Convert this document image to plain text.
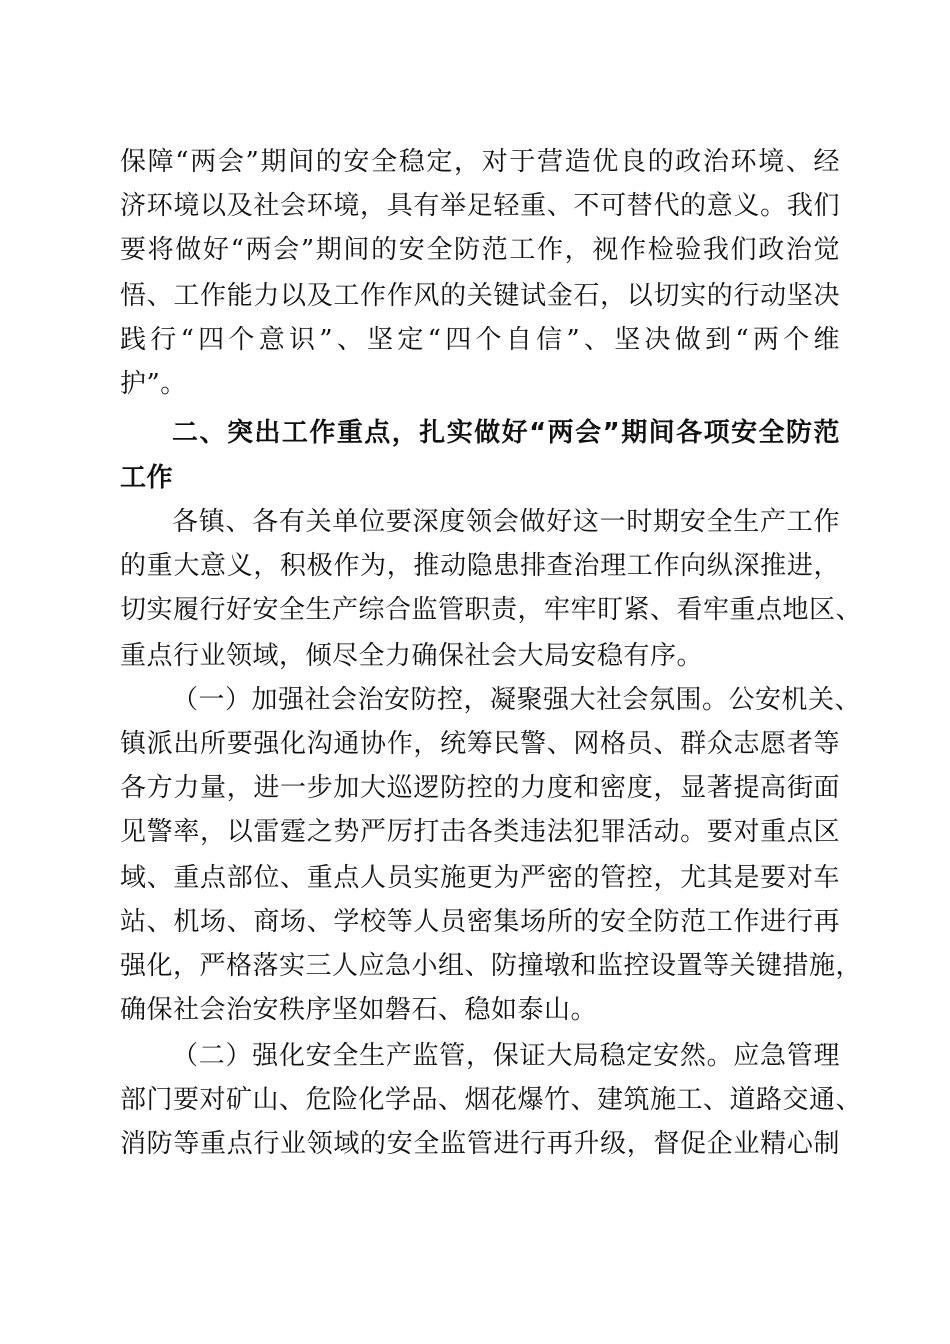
保障“两会”期间的安全稳定，对于营造优良的政治环境、经
济环境以及社会环境，具有举足轻重、不可替代的意义。我们
要将做好“两会”期间的安全防范工作，视作检验我们政治觉
悟、工作能力以及工作作风的关键试金石，以切实的行动坚决
践行“四个意识”、坚定“四个自信”、坚决做到“两个维
护”。
二、突出工作重点，扎实做好“两会”期间各项安全防范
工作
各镇、各有关单位要深度领会做好这一时期安全生产工作
的重大意义，积极作为，推动隐患排查治理工作向纵深推进，
切实履行好安全生产综合监管职责，牢牢盯紧、看牢重点地区、
重点行业领域，倾尽全力确保社会大局安稳有序。
（一）加强社会治安防控，凝聚强大社会氛围。公安机关、
镇派出所要强化沟通协作，统筹民警、网格员、群众志愿者等
各方力量，进一步加大巡逻防控的力度和密度，显著提高街面
见警率，以雷霆之势严厉打击各类违法犯罪活动。要对重点区
域、重点部位、重点人员实施更为严密的管控，尤其是要对车
站、机场、商场、学校等人员密集场所的安全防范工作进行再
强化，严格落实三人应急小组、防撞墩和监控设置等关键措施，
确保社会治安秩序坚如磐石、稳如泰山。
（二）强化安全生产监管，保证大局稳定安然。应急管理
部门要对矿山、危险化学品、烟花爆竹、建筑施工、道路交通、
消防等重点行业领域的安全监管进行再升级，督促企业精心制
